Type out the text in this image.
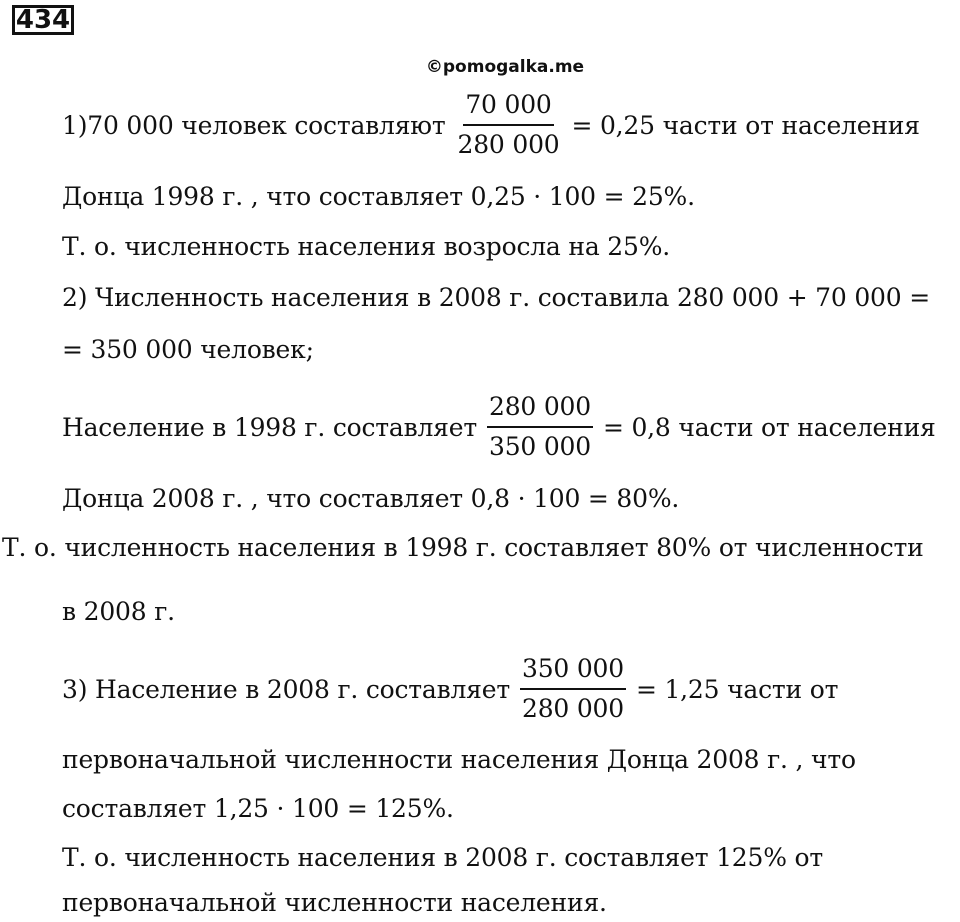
434
©pomogalka.me
1)70 000 человек составляют $\frac{70 000}{280 000} = 0,25$ части от населения
Донца 1998 г. , что составляет 0,25 · 100 = 25%.
Т. о. численность населения возросла на 25%.
2) Численность населения в 2008 г. составила 280 000 + 70 000 =
= 350 000 человек;
Население в 1998 г. составляет $\frac{280 000}{350 000} = 0,8$ части от населения
Донца 2008 г. , что составляет 0,8 · 100 = 80%.
Т. о. численность населения в 1998 г. составляет 80% от численности
в 2008 г.
3) Население в 2008 г. составляет $\frac{350 000}{280 000} = 1,25$ части от
первоначальной численности населения Донца 2008 г. , что
составляет 1,25 · 100 = 125%.
Т. о. численность населения в 2008 г. составляет 125% от
первоначальной численности населения.
